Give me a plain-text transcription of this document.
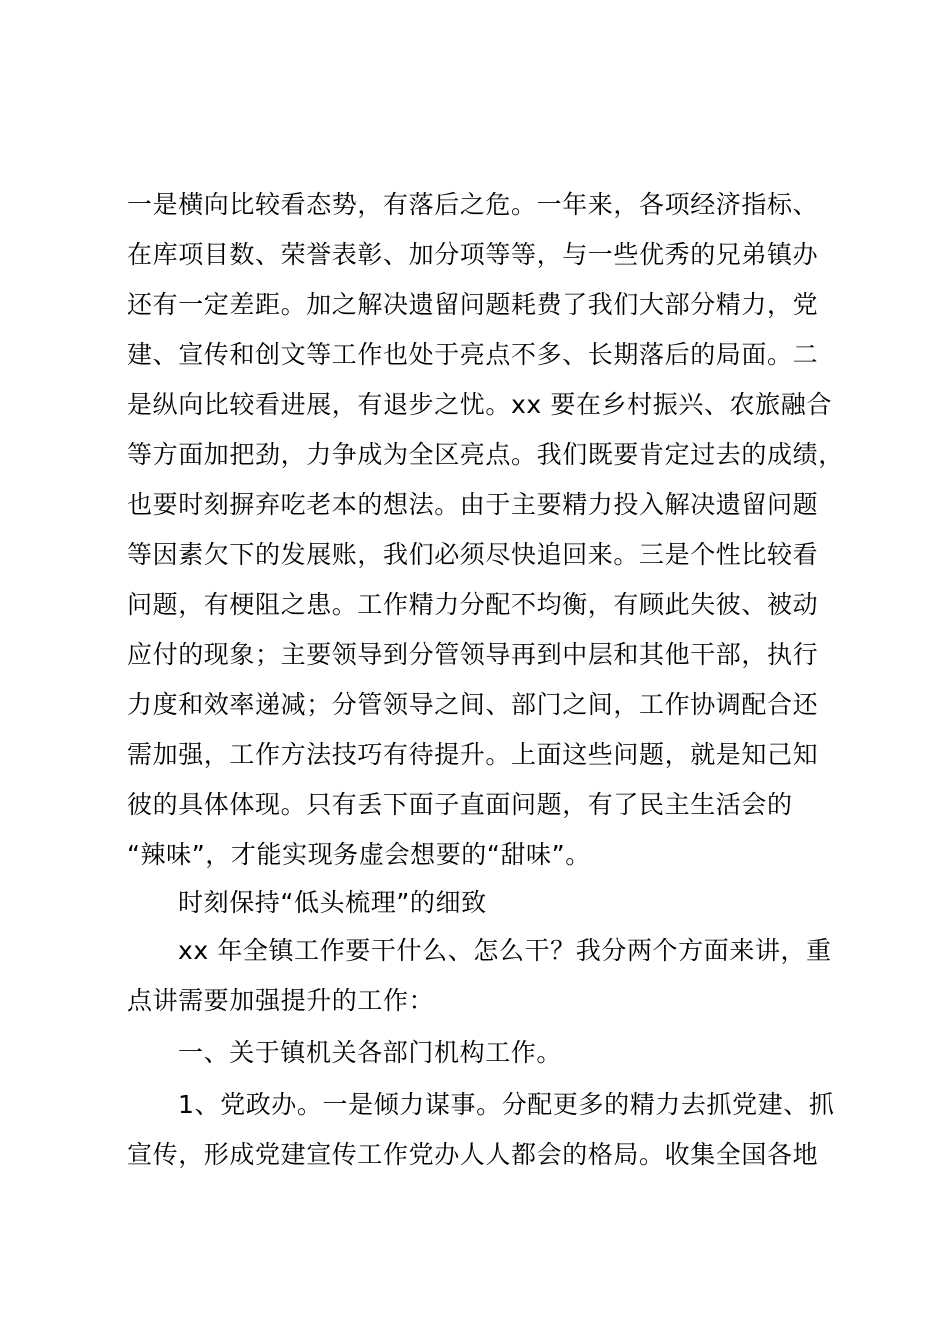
一是横向比较看态势，有落后之危。一年来，各项经济指标、
在库项目数、荣誉表彰、加分项等等，与一些优秀的兄弟镇办
还有一定差距。加之解决遗留问题耗费了我们大部分精力，党
建、宣传和创文等工作也处于亮点不多、长期落后的局面。二
是纵向比较看进展，有退步之忧。xx 要在乡村振兴、农旅融合
等方面加把劲，力争成为全区亮点。我们既要肯定过去的成绩，
也要时刻摒弃吃老本的想法。由于主要精力投入解决遗留问题
等因素欠下的发展账，我们必须尽快追回来。三是个性比较看
问题，有梗阻之患。工作精力分配不均衡，有顾此失彼、被动
应付的现象；主要领导到分管领导再到中层和其他干部，执行
力度和效率递减；分管领导之间、部门之间，工作协调配合还
需加强，工作方法技巧有待提升。上面这些问题，就是知己知
彼的具体体现。只有丢下面子直面问题，有了民主生活会的
“辣味”，才能实现务虚会想要的“甜味”。
时刻保持“低头梳理”的细致
xx 年全镇工作要干什么、怎么干？我分两个方面来讲，重
点讲需要加强提升的工作：
一、关于镇机关各部门机构工作。
1、党政办。一是倾力谋事。分配更多的精力去抓党建、抓
宣传，形成党建宣传工作党办人人都会的格局。收集全国各地
